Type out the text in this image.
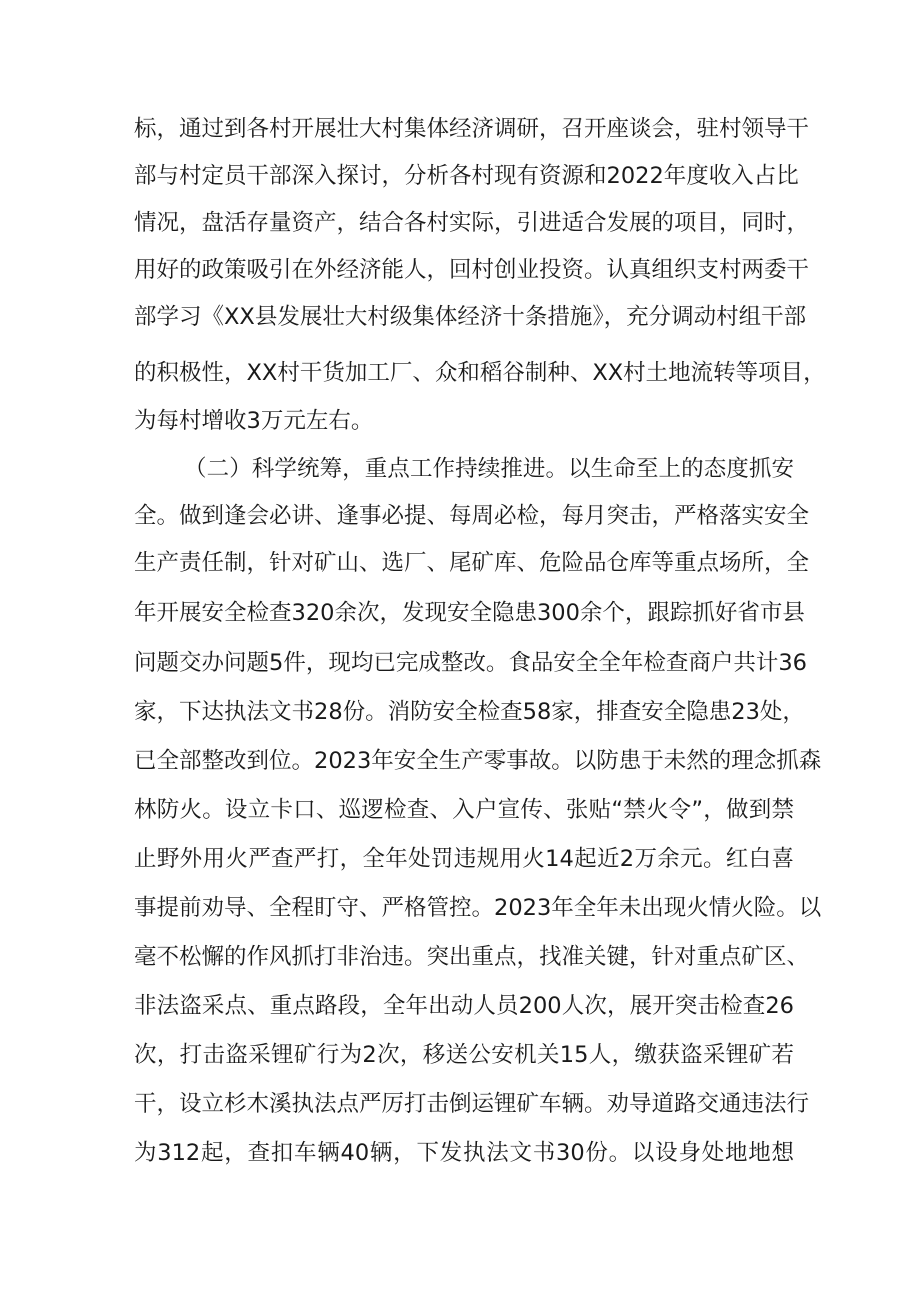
标，通过到各村开展壮大村集体经济调研，召开座谈会，驻村领导干
部与村定员干部深入探讨，分析各村现有资源和2022年度收入占比
情况，盘活存量资产，结合各村实际，引进适合发展的项目，同时，
用好的政策吸引在外经济能人，回村创业投资。认真组织支村两委干
部学习《XX县发展壮大村级集体经济十条措施》，充分调动村组干部
的积极性，XX村干货加工厂、众和稻谷制种、XX村土地流转等项目，
为每村增收3万元左右。
（二）科学统筹，重点工作持续推进。以生命至上的态度抓安
全。做到逢会必讲、逢事必提、每周必检，每月突击，严格落实安全
生产责任制，针对矿山、选厂、尾矿库、危险品仓库等重点场所，全
年开展安全检查320余次，发现安全隐患300余个，跟踪抓好省市县
问题交办问题5件，现均已完成整改。食品安全全年检查商户共计36
家，下达执法文书28份。消防安全检查58家，排查安全隐患23处，
已全部整改到位。2023年安全生产零事故。以防患于未然的理念抓森
林防火。设立卡口、巡逻检查、入户宣传、张贴“禁火令”，做到禁
止野外用火严查严打，全年处罚违规用火14起近2万余元。红白喜
事提前劝导、全程盯守、严格管控。2023年全年未出现火情火险。以
毫不松懈的作风抓打非治违。突出重点，找准关键，针对重点矿区、
非法盗采点、重点路段，全年出动人员200人次，展开突击检查26
次，打击盗采锂矿行为2次，移送公安机关15人，缴获盗采锂矿若
干，设立杉木溪执法点严厉打击倒运锂矿车辆。劝导道路交通违法行
为312起，查扣车辆40辆，下发执法文书30份。以设身处地地想
